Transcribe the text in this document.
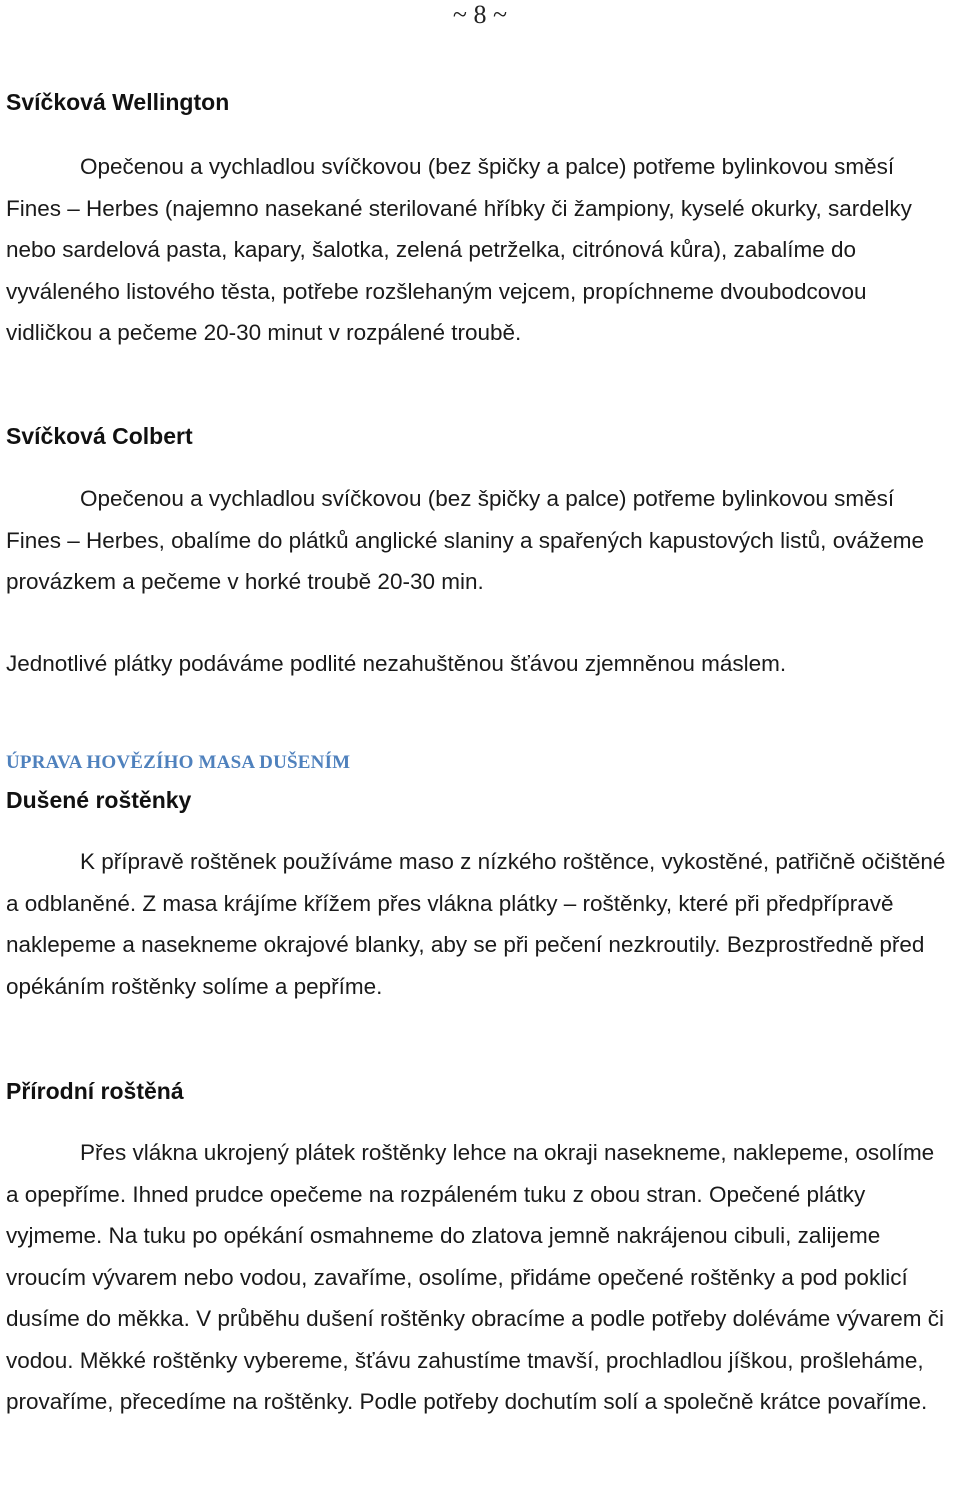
~ 8 ~
Svíčková Wellington

Opečenou a vychladlou svíčkovou (bez špičky a palce) potřeme bylinkovou směsí Fines – Herbes (najemno nasekané sterilované hříbky či žampiony, kyselé okurky, sardelky nebo sardelová pasta, kapary, šalotka, zelená petrželka, citrónová kůra), zabalíme do vyváleného listového těsta, potřebe rozšlehaným vejcem, propíchneme dvoubodcovou vidličkou a pečeme 20-30 minut v rozpálené troubě.

Svíčková Colbert

Opečenou a vychladlou svíčkovou (bez špičky a palce) potřeme bylinkovou směsí Fines – Herbes, obalíme do plátků anglické slaniny a spařených kapustových listů, ovážeme provázkem a pečeme v horké troubě 20-30 min.

Jednotlivé plátky podáváme podlité nezahuštěnou šťávou zjemněnou máslem.

ÚPRAVA HOVĚZÍHO MASA DUŠENÍM
Dušené roštěnky

K přípravě roštěnek používáme maso z nízkého roštěnce, vykostěné, patřičně očištěné a odblaněné. Z masa krájíme křížem přes vlákna plátky – roštěnky, které při předpřípravě naklepeme a nasekneme okrajové blanky, aby se při pečení nezkroutily. Bezprostředně před opékáním roštěnky solíme a pepříme.

Přírodní roštěná

Přes vlákna ukrojený plátek roštěnky lehce na okraji nasekneme, naklepeme, osolíme a opepříme. Ihned prudce opečeme na rozpáleném tuku z obou stran. Opečené plátky vyjmeme. Na tuku po opékání osmahneme do zlatova jemně nakrájenou cibuli, zalijeme vroucím vývarem nebo vodou, zavaříme, osolíme, přidáme opečené roštěnky a pod poklicí dusíme do měkka. V průběhu dušení roštěnky obracíme a podle potřeby doléváme vývarem či vodou. Měkké roštěnky vybereme, šťávu zahustíme tmavší, prochladlou jíškou, prošleháme, provaříme, přecedíme na roštěnky. Podle potřeby dochutím solí a společně krátce povaříme.
